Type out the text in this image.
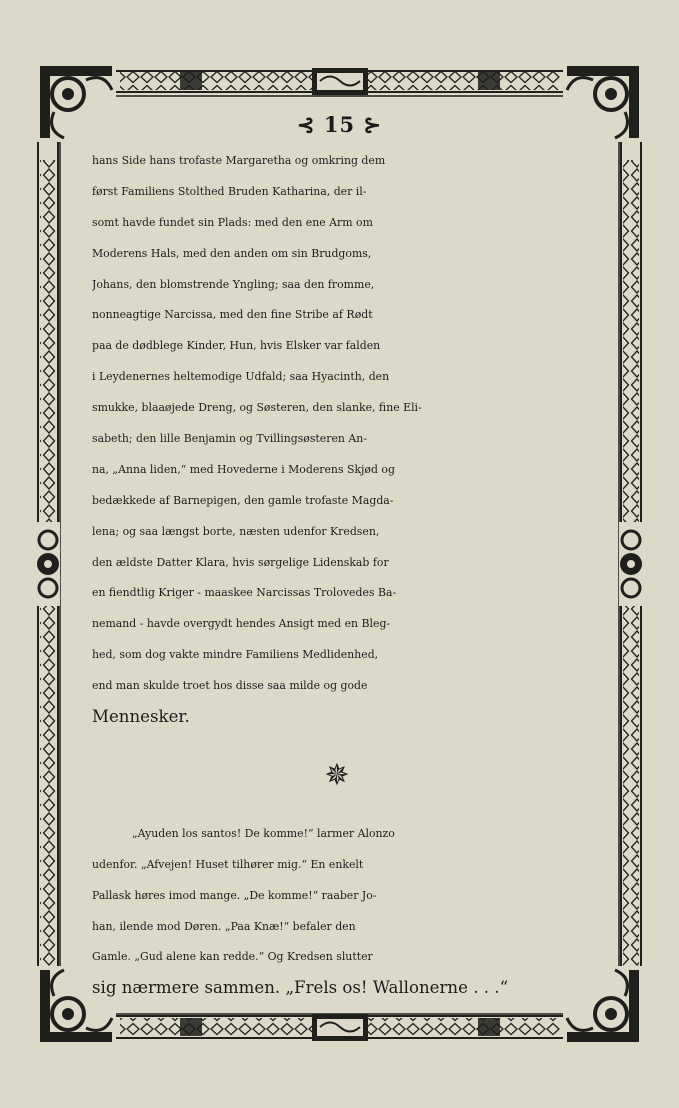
⊰ 15 ⊱
hans Side hans trofaste Margaretha og omkring dem
først Familiens Stolthed Bruden Katharina, der il-
somt havde fundet sin Plads: med den ene Arm om
Moderens Hals, med den anden om sin Brudgoms,
Johans, den blomstrende Yngling; saa den fromme,
nonneagtige Narcissa, med den fine Stribe af Rødt
paa de dødblege Kinder, Hun, hvis Elsker var falden
i Leydenernes heltemodige Udfald; saa Hyacinth, den
smukke, blaaøjede Dreng, og Søsteren, den slanke, fine Eli-
sabeth; den lille Benjamin og Tvillingsøsteren An-
na, „Anna liden,“ med Hovederne i Moderens Skjød og
bedækkede af Barnepigen, den gamle trofaste Magda-
lena; og saa længst borte, næsten udenfor Kredsen,
den ældste Datter Klara, hvis sørgelige Lidenskab for
en fiendtlig Kriger - maaskee Narcissas Trolovedes Ba-
nemand - havde overgydt hendes Ansigt med en Bleg-
hed, som dog vakte mindre Familiens Medlidenhed,
end man skulde troet hos disse saa milde og gode
Mennesker.
✵
„Ayuden los santos! De komme!“ larmer Alonzo
udenfor. „Afvejen! Huset tilhører mig.“ En enkelt
Pallask høres imod mange. „De komme!“ raaber Jo-
han, ilende mod Døren. „Paa Knæ!“ befaler den
Gamle. „Gud alene kan redde.“ Og Kredsen slutter
sig nærmere sammen. „Frels os! Wallonerne . . .“
